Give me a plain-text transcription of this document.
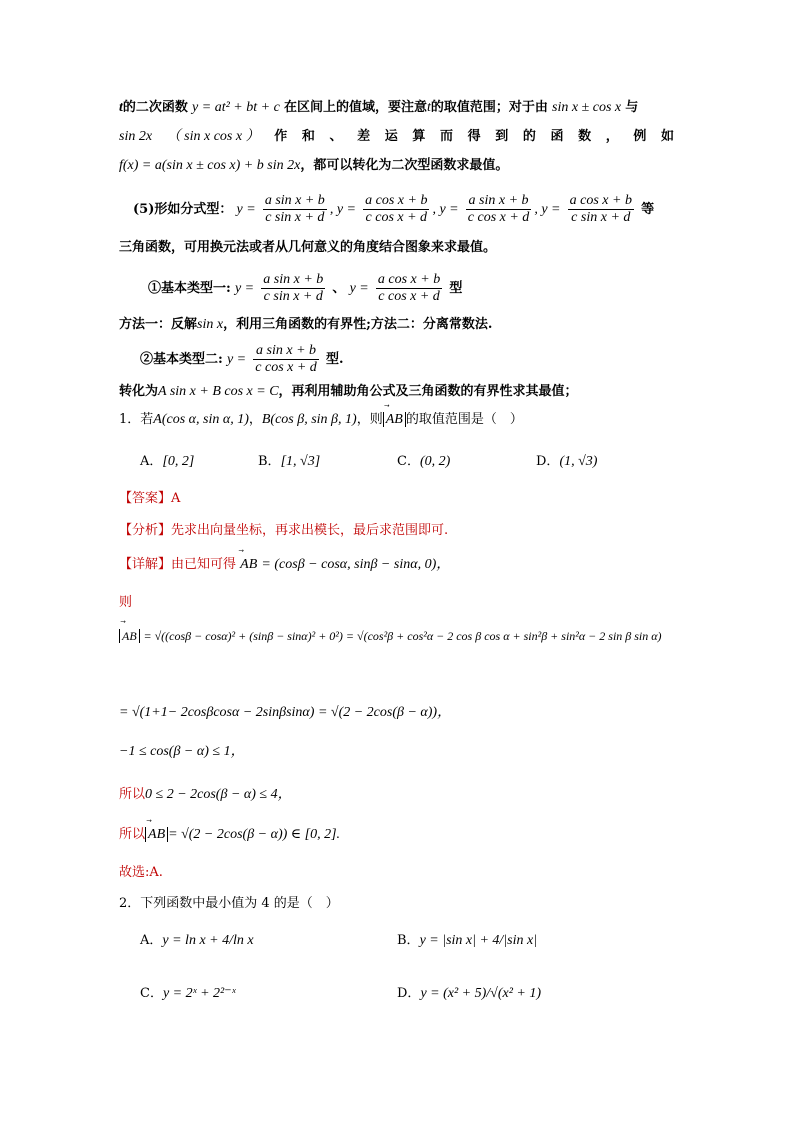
t的二次函数 y = at² + bt + c 在区间上的值域，要注意t的取值范围；对于由 sin x ± cos x 与
sin 2x （ sin x cos x ） 作 和 、 差 运 算 而 得 到 的 函 数 ， 例 如
f(x) = a(sin x ± cos x) + b sin 2x，都可以转化为二次型函数求最值。
(5)形如分式型： $y = \frac{\text{a sin x + b}}{\text{c sin x + d}}$ , $y = \frac{\text{a cos x + b}}{\text{c cos x + d}}$ , $y = \frac{\text{a sin x + b}}{\text{c cos x + d}}$ , $y = \frac{\text{a cos x + b}}{\text{c sin x + d}}$ 等
三角函数，可用换元法或者从几何意义的角度结合图象来求最值。
①基本类型一: $y = \frac{\text{a sin x + b}}{\text{c sin x + d}}$ 、 $y = \frac{\text{a cos x + b}}{\text{c cos x + d}}$ 型
方法一：反解sin x，利用三角函数的有界性;方法二：分离常数法.
②基本类型二: $y = \frac{\text{a sin x + b}}{\text{c cos x + d}}$ 型.
转化为A sin x + B cos x = C，再利用辅助角公式及三角函数的有界性求其最值；
1．若A(cos α, sin α, 1)，B(cos β, sin β, 1)，则 ⃗ AB 的取值范围是（　）
A．[0, 2]	B．[1, √3]	C．(0, 2)	D．(1, √3)
【答案】A
【分析】先求出向量坐标，再求出模长，最后求范围即可.
【详解】由已知可得 ⃗ AB = (cosβ − cosα, sinβ − sinα, 0)，
则
⃗ AB = √((cosβ − cosα)² + (sinβ − sinα)² + 0²) = √(cos²β + cos²α − 2 cos β cos α + sin²β + sin²α − 2 sin β sin α)
= √(1+1− 2cosβcosα − 2sinβsinα) = √(2 − 2cos(β − α))，
−1 ≤ cos(β − α) ≤ 1，
所以0 ≤ 2 − 2cos(β − α) ≤ 4，
所以 ⃗ AB = √(2 − 2cos(β − α)) ∈ [0, 2].
故选:A.
2．下列函数中最小值为 4 的是（　）
A．y = ln x + 4/ln x	B．y = |sin x| + 4/|sin x|
C．y = 2ˣ + 2²⁻ˣ	D．y = (x² + 5)/√(x² + 1)
